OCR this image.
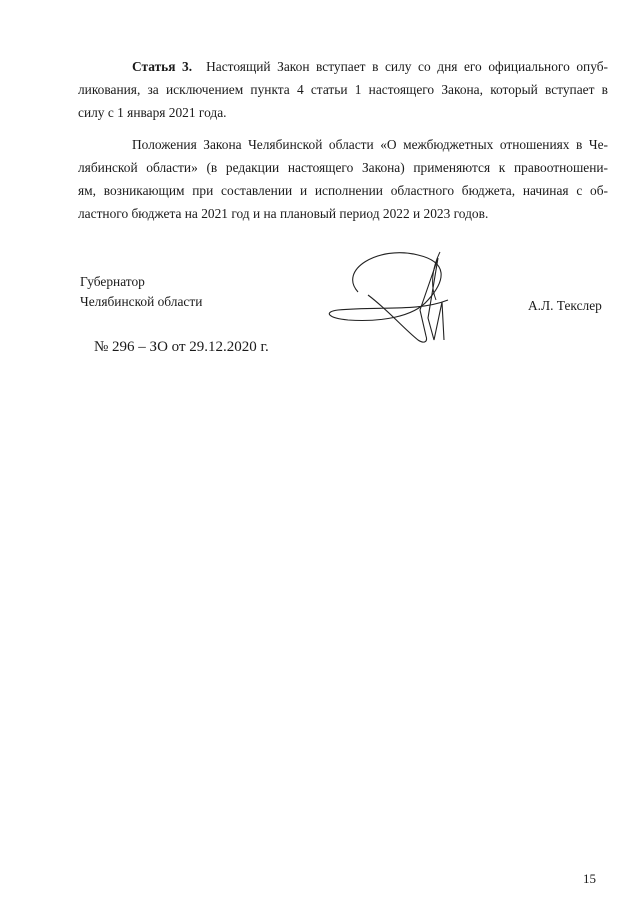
Статья 3. Настоящий Закон вступает в силу со дня его официального опуб-
ликования, за исключением пункта 4 статьи 1 настоящего Закона, который вступает в
силу с 1 января 2021 года.
Положения Закона Челябинской области «О межбюджетных отношениях в Че-
лябинской области» (в редакции настоящего Закона) применяются к правоотношени-
ям, возникающим при составлении и исполнении областного бюджета, начиная с об-
ластного бюджета на 2021 год и на плановый период 2022 и 2023 годов.
Губернатор
Челябинской области	А.Л. Текслер
№ 296 – ЗО от 29.12.2020 г.
15
